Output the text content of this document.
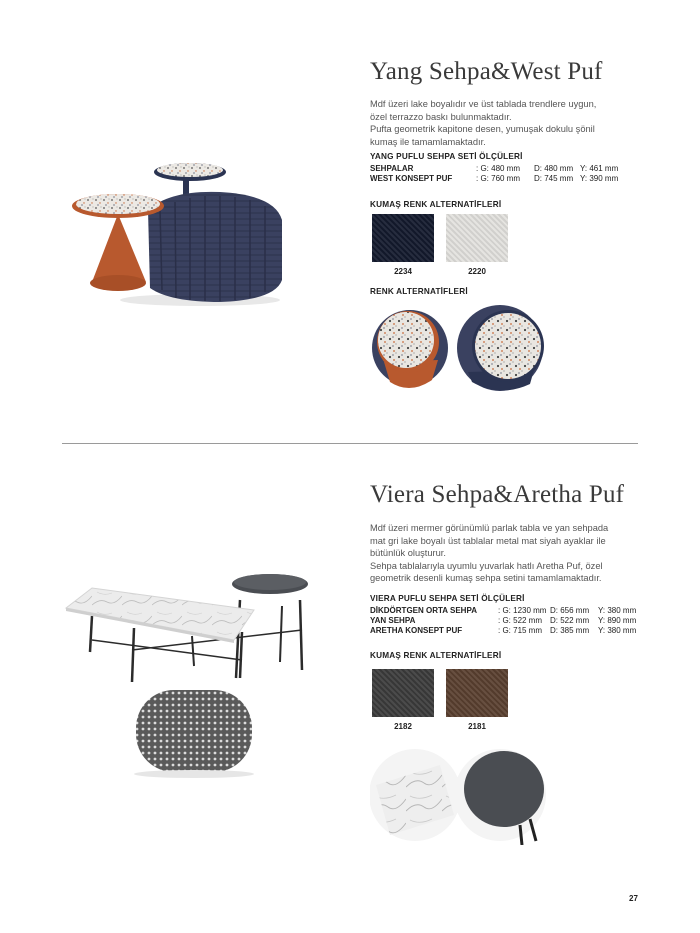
Yang Sehpa&West Puf

Mdf üzeri lake boyalıdır ve üst tablada trendlere uygun,

özel terrazzo baskı bulunmaktadır.

Pufta geometrik kapitone desen, yumuşak dokulu şönil

kumaş ile tamamlamaktadır.

YANG PUFLU SEHPA SETİ ÖLÇÜLERİ
SEHPALAR	: G: 480 mm	D: 480 mm Y: 461 mm
WEST KONSEPT PUF	: G: 760 mm	D: 745 mm Y: 390 mm
KUMAŞ RENK ALTERNATİFLERİ
2234	2220
RENK ALTERNATİFLERİ
Viera Sehpa&Aretha Puf

Mdf üzeri mermer görünümlü parlak tabla ve yan sehpada

mat gri lake boyalı üst tablalar metal mat siyah ayaklar ile

bütünlük oluşturur.

Sehpa tablalarıyla uyumlu yuvarlak hatlı Aretha Puf, özel

geometrik desenli kumaş sehpa setini tamamlamaktadır.

VIERA PUFLU SEHPA SETİ ÖLÇÜLERİ
DİKDÖRTGEN ORTA SEHPA	: G: 1230 mm D: 656 mm	Y: 380 mm
YAN SEHPA	: G: 522 mm D: 522 mm	Y: 890 mm
ARETHA KONSEPT PUF	: G: 715 mm D: 385 mm	Y: 380 mm
KUMAŞ RENK ALTERNATİFLERİ
2182	2181
27
